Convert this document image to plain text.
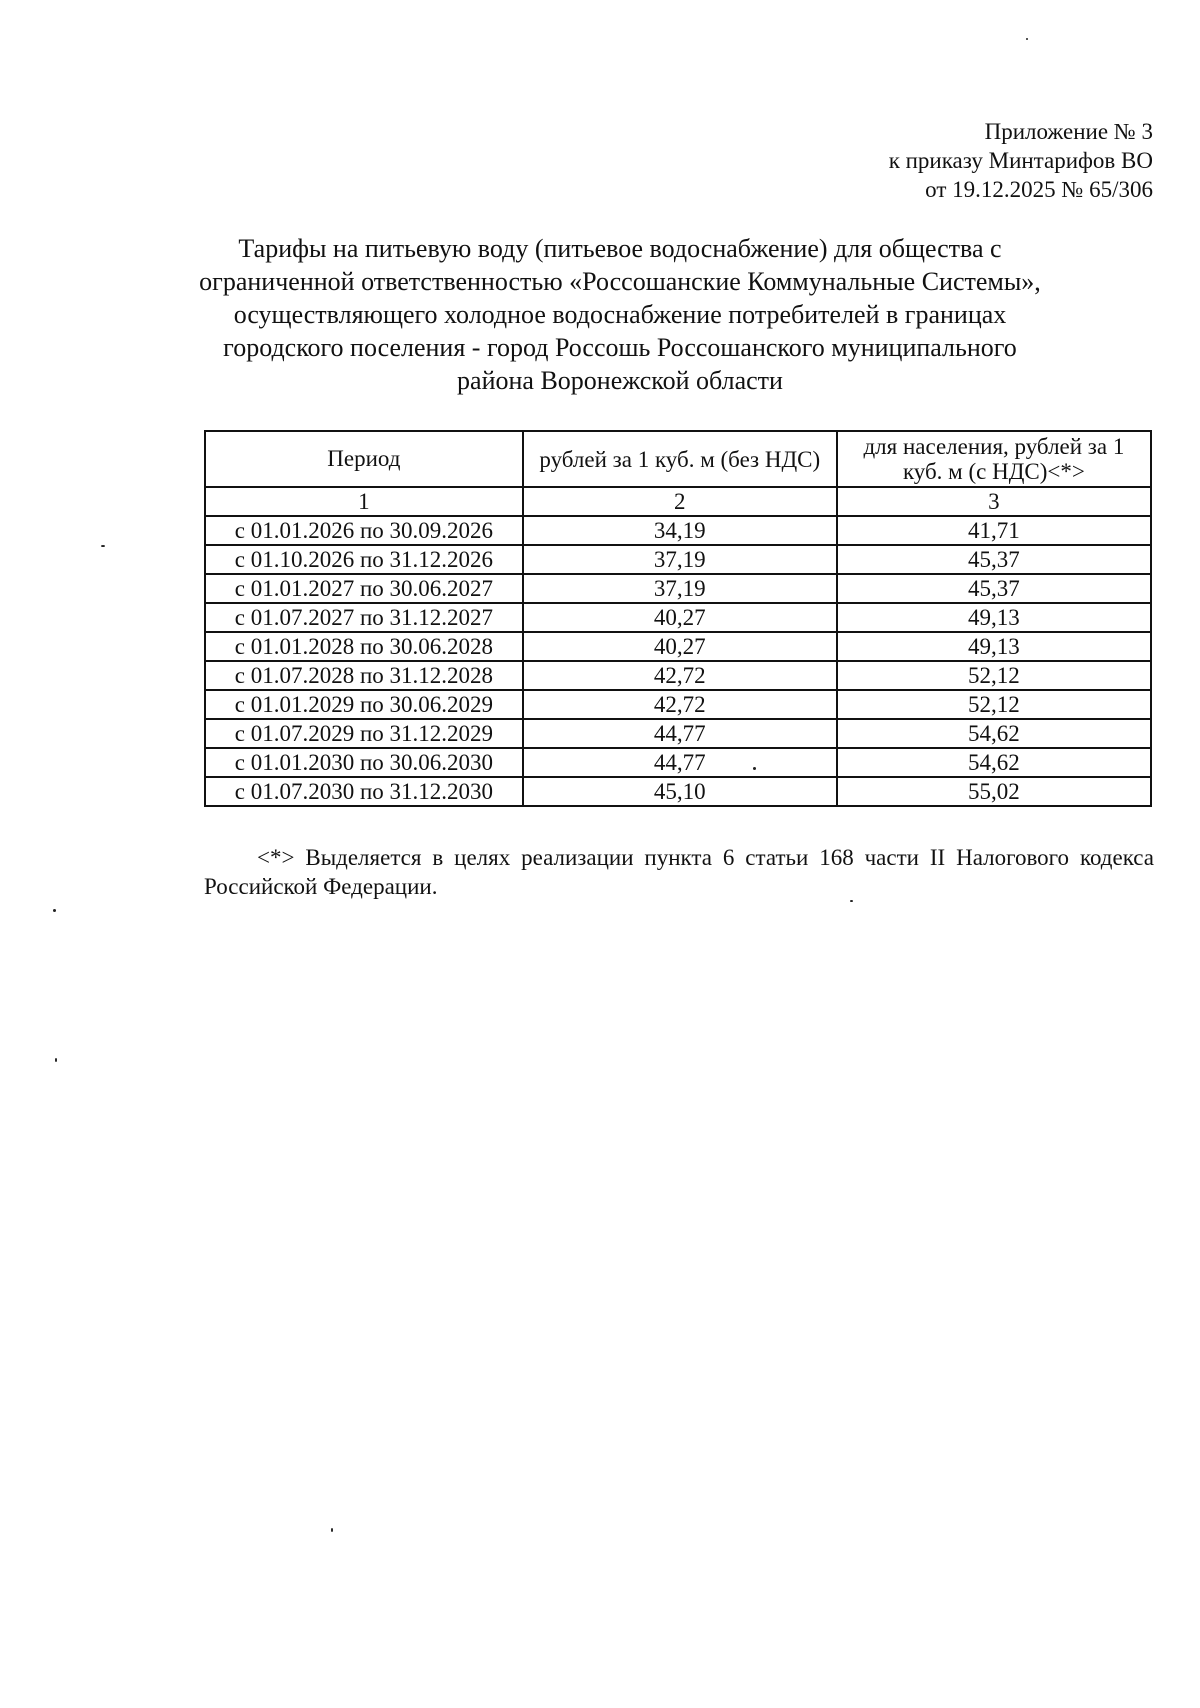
Приложение № 3
к приказу Минтарифов ВО
от 19.12.2025 № 65/306
Тарифы на питьевую воду (питьевое водоснабжение) для общества с
ограниченной ответственностью «Россошанские Коммунальные Системы»,
осуществляющего холодное водоснабжение потребителей в границах
городского поселения - город Россошь Россошанского муниципального
района Воронежской области
Период	рублей за 1 куб. м (без НДС)	для населения, рублей за 1 куб. м (с НДС)<*>
1	2	3
с 01.01.2026 по 30.09.2026	34,19	41,71
с 01.10.2026 по 31.12.2026	37,19	45,37
с 01.01.2027 по 30.06.2027	37,19	45,37
с 01.07.2027 по 31.12.2027	40,27	49,13
с 01.01.2028 по 30.06.2028	40,27	49,13
с 01.07.2028 по 31.12.2028	42,72	52,12
с 01.01.2029 по 30.06.2029	42,72	52,12
с 01.07.2029 по 31.12.2029	44,77	54,62
с 01.01.2030 по 30.06.2030	44,77	54,62
с 01.07.2030 по 31.12.2030	45,10	55,02
<*> Выделяется в целях реализации пункта 6 статьи 168 части II Налогового кодекса Российской Федерации.
